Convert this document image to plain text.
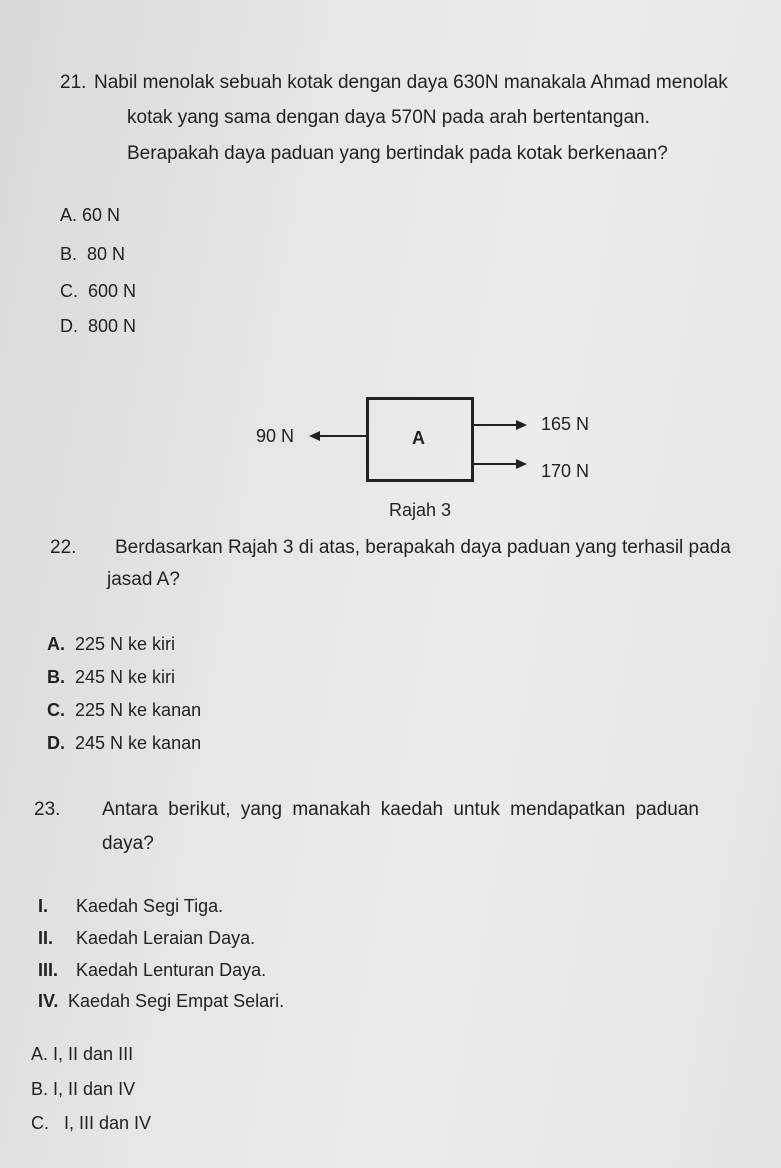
21. Nabil menolak sebuah kotak dengan daya 630N manakala Ahmad menolak
kotak yang sama dengan daya 570N pada arah bertentangan.
Berapakah daya paduan yang bertindak pada kotak berkenaan?
A. 60 N
B. 80 N
C. 600 N
D. 800 N
A
90 N
165 N
170 N
Rajah 3
22. Berdasarkan Rajah 3 di atas, berapakah daya paduan yang terhasil pada
jasad A?
A. 225 N ke kiri
B. 245 N ke kiri
C. 225 N ke kanan
D. 245 N ke kanan
23. Antara berikut, yang manakah kaedah untuk mendapatkan paduan
daya?
I. Kaedah Segi Tiga.
II. Kaedah Leraian Daya.
III. Kaedah Lenturan Daya.
IV. Kaedah Segi Empat Selari.
A. I, II dan III
B. I, II dan IV
C. I, III dan IV
